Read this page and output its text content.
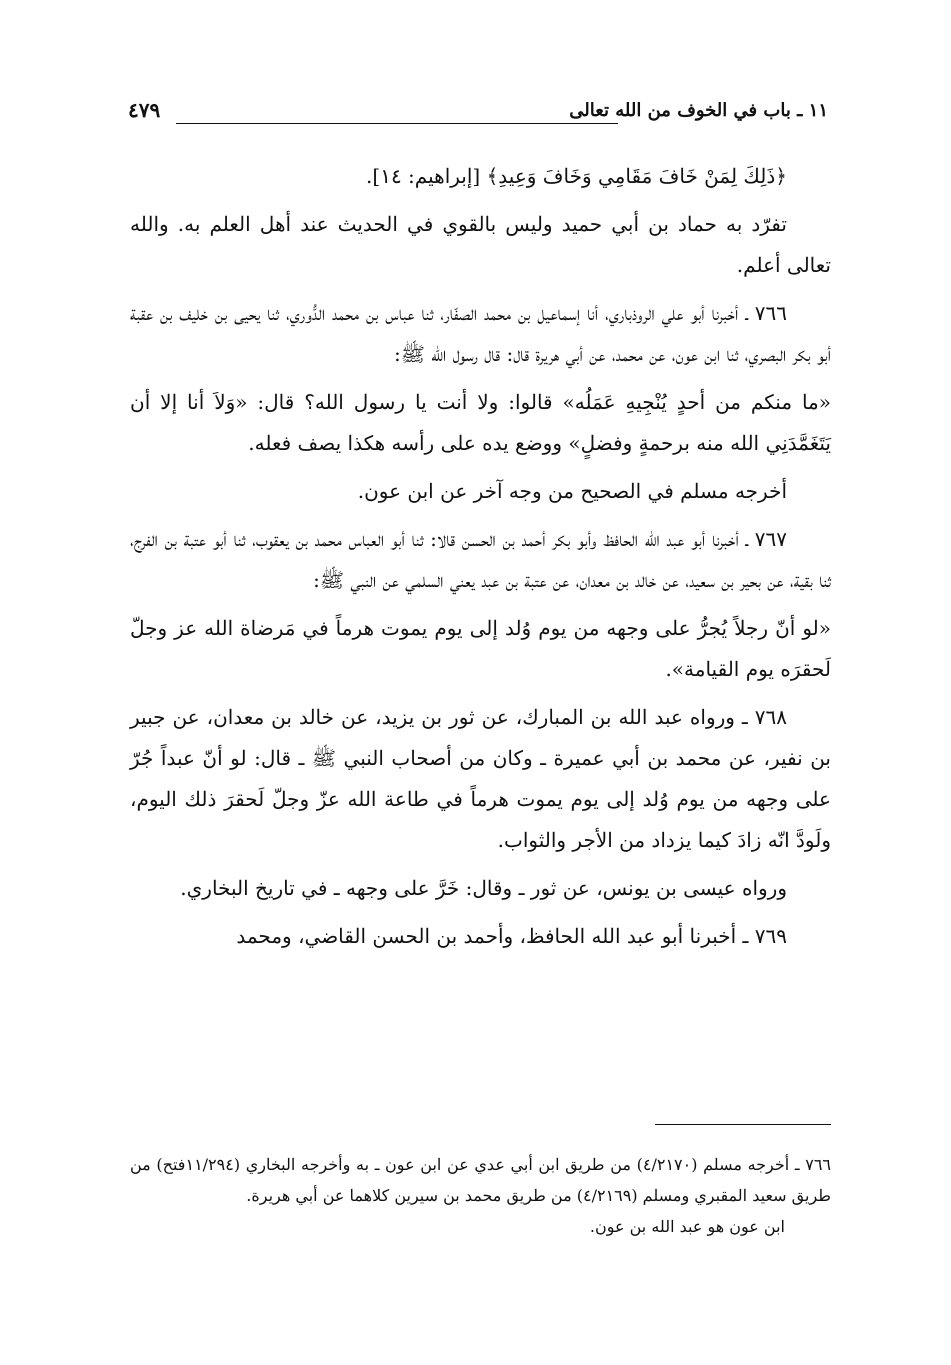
١١ ـ باب في الخوف من الله تعالى
٤٧٩

﴿ذَلِكَ لِمَنْ خَافَ مَقَامِي وَخَافَ وَعِيدِ﴾ [إبراهيم: ١٤].

تفرّد به حماد بن أبي حميد وليس بالقوي في الحديث عند أهل العلم به. والله تعالى أعلم.

٧٦٦ ـ أخبرنا أبو علي الروذباري، أنا إسماعيل بن محمد الصفّار، ثنا عباس بن محمد الدُّوري، ثنا يحيى بن خليف بن عقبة أبو بكر البصري، ثنا ابن عون، عن محمد، عن أبي هريرة قال: قال رسول الله ﷺ:

«ما منكم من أحدٍ يُنْجِيهِ عَمَلُه» قالوا: ولا أنت يا رسول الله؟ قال: «وَلاَ أنا إلا أن يَتَغَمَّدَنِي الله منه برحمةٍ وفضلٍ» ووضع يده على رأسه هكذا يصف فعله.

أخرجه مسلم في الصحيح من وجه آخر عن ابن عون.

٧٦٧ ـ أخبرنا أبو عبد الله الحافظ وأبو بكر أحمد بن الحسن قالا: ثنا أبو العباس محمد بن يعقوب، ثنا أبو عتبة بن الفرج، ثنا بقية، عن بحير بن سعيد، عن خالد بن معدان، عن عتبة بن عبد يعني السلمي عن النبي ﷺ:

«لو أنّ رجلاً يُجرُّ على وجهه من يوم وُلد إلى يوم يموت هرماً في مَرضاة الله عز وجلّ لَحقرَه يوم القيامة».

٧٦٨ ـ ورواه عبد الله بن المبارك، عن ثور بن يزيد، عن خالد بن معدان، عن جبير بن نفير، عن محمد بن أبي عميرة ـ وكان من أصحاب النبي ﷺ ـ قال: لو أنّ عبداً جُرّ على وجهه من يوم وُلد إلى يوم يموت هرماً في طاعة الله عزّ وجلّ لَحقرَ ذلك اليوم، ولَودَّ انّه زادَ كيما يزداد من الأجر والثواب.

ورواه عيسى بن يونس، عن ثور ـ وقال: خَرَّ على وجهه ـ في تاريخ البخاري.

٧٦٩ ـ أخبرنا أبو عبد الله الحافظ، وأحمد بن الحسن القاضي، ومحمد

٧٦٦ ـ أخرجه مسلم (٤/٢١٧٠) من طريق ابن أبي عدي عن ابن عون ـ به وأخرجه البخاري (١١/٢٩٤فتح) من طريق سعيد المقبري ومسلم (٤/٢١٦٩) من طريق محمد بن سيرين كلاهما عن أبي هريرة.

ابن عون هو عبد الله بن عون.
